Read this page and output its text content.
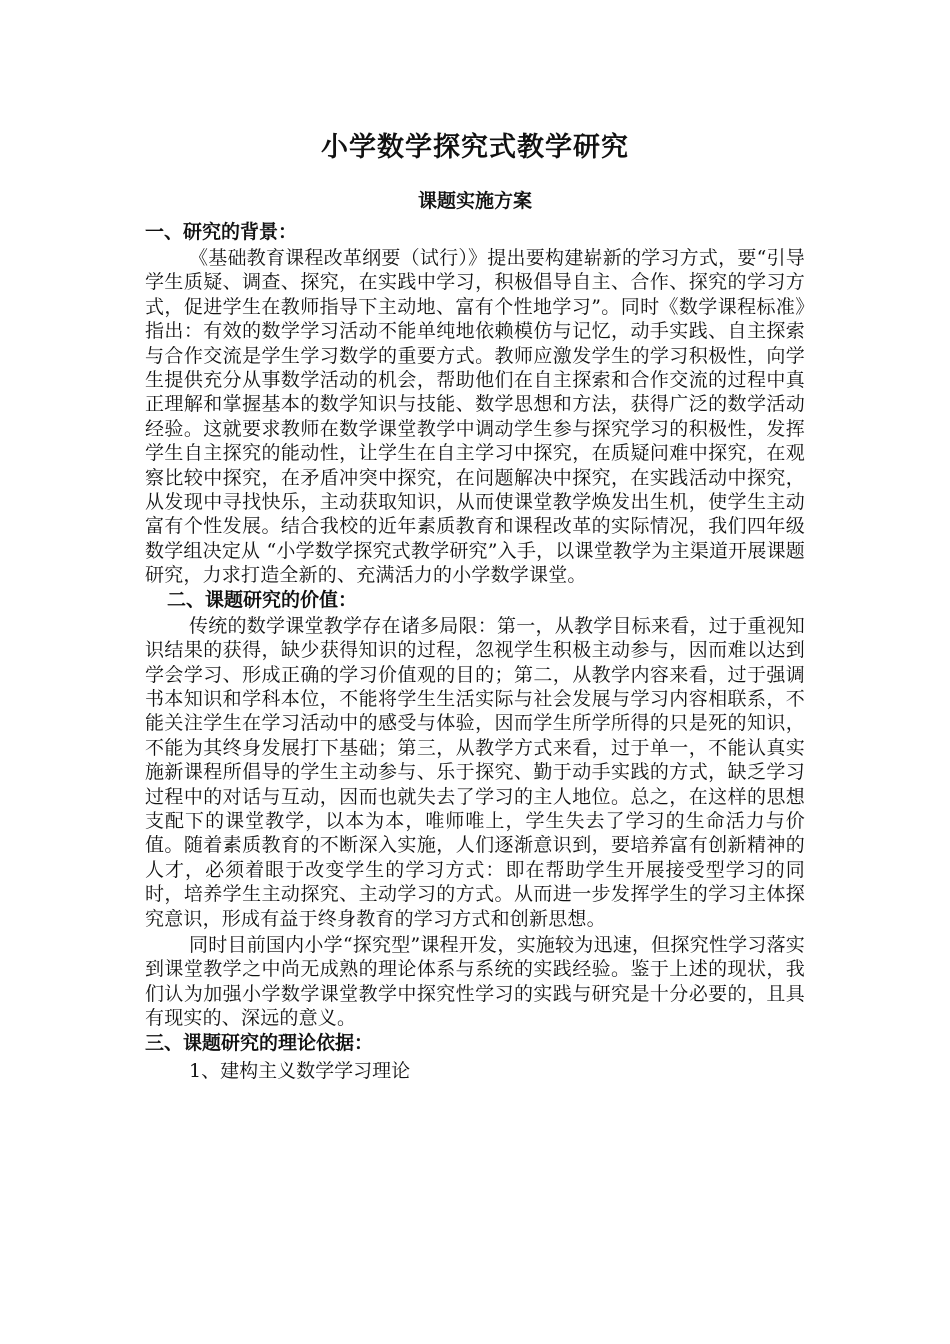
小学数学探究式教学研究
课题实施方案
一、研究的背景：

《基础教育课程改革纲要（试行）》提出要构建崭新的学习方式，要“引导学生质疑、调查、探究，在实践中学习，积极倡导自主、合作、探究的学习方式，促进学生在教师指导下主动地、富有个性地学习”。同时《数学课程标准》指出：有效的数学学习活动不能单纯地依赖模仿与记忆，动手实践、自主探索与合作交流是学生学习数学的重要方式。教师应激发学生的学习积极性，向学生提供充分从事数学活动的机会，帮助他们在自主探索和合作交流的过程中真正理解和掌握基本的数学知识与技能、数学思想和方法，获得广泛的数学活动经验。这就要求教师在数学课堂教学中调动学生参与探究学习的积极性，发挥学生自主探究的能动性，让学生在自主学习中探究，在质疑问难中探究，在观察比较中探究，在矛盾冲突中探究，在问题解决中探究，在实践活动中探究，从发现中寻找快乐，主动获取知识，从而使课堂教学焕发出生机，使学生主动富有个性发展。结合我校的近年素质教育和课程改革的实际情况，我们四年级数学组决定从 “小学数学探究式教学研究”入手，以课堂教学为主渠道开展课题研究，力求打造全新的、充满活力的小学数学课堂。

二、课题研究的价值：

传统的数学课堂教学存在诸多局限：第一，从教学目标来看，过于重视知识结果的获得，缺少获得知识的过程，忽视学生积极主动参与，因而难以达到学会学习、形成正确的学习价值观的目的；第二，从教学内容来看，过于强调书本知识和学科本位，不能将学生生活实际与社会发展与学习内容相联系，不能关注学生在学习活动中的感受与体验，因而学生所学所得的只是死的知识，不能为其终身发展打下基础；第三，从教学方式来看，过于单一，不能认真实施新课程所倡导的学生主动参与、乐于探究、勤于动手实践的方式，缺乏学习过程中的对话与互动，因而也就失去了学习的主人地位。总之，在这样的思想支配下的课堂教学，以本为本，唯师唯上，学生失去了学习的生命活力与价值。随着素质教育的不断深入实施，人们逐渐意识到，要培养富有创新精神的人才，必须着眼于改变学生的学习方式：即在帮助学生开展接受型学习的同时，培养学生主动探究、主动学习的方式。从而进一步发挥学生的学习主体探究意识，形成有益于终身教育的学习方式和创新思想。

同时目前国内小学“探究型”课程开发，实施较为迅速，但探究性学习落实到课堂教学之中尚无成熟的理论体系与系统的实践经验。鉴于上述的现状，我们认为加强小学数学课堂教学中探究性学习的实践与研究是十分必要的，且具有现实的、深远的意义。

三、课题研究的理论依据：

1、建构主义数学学习理论
